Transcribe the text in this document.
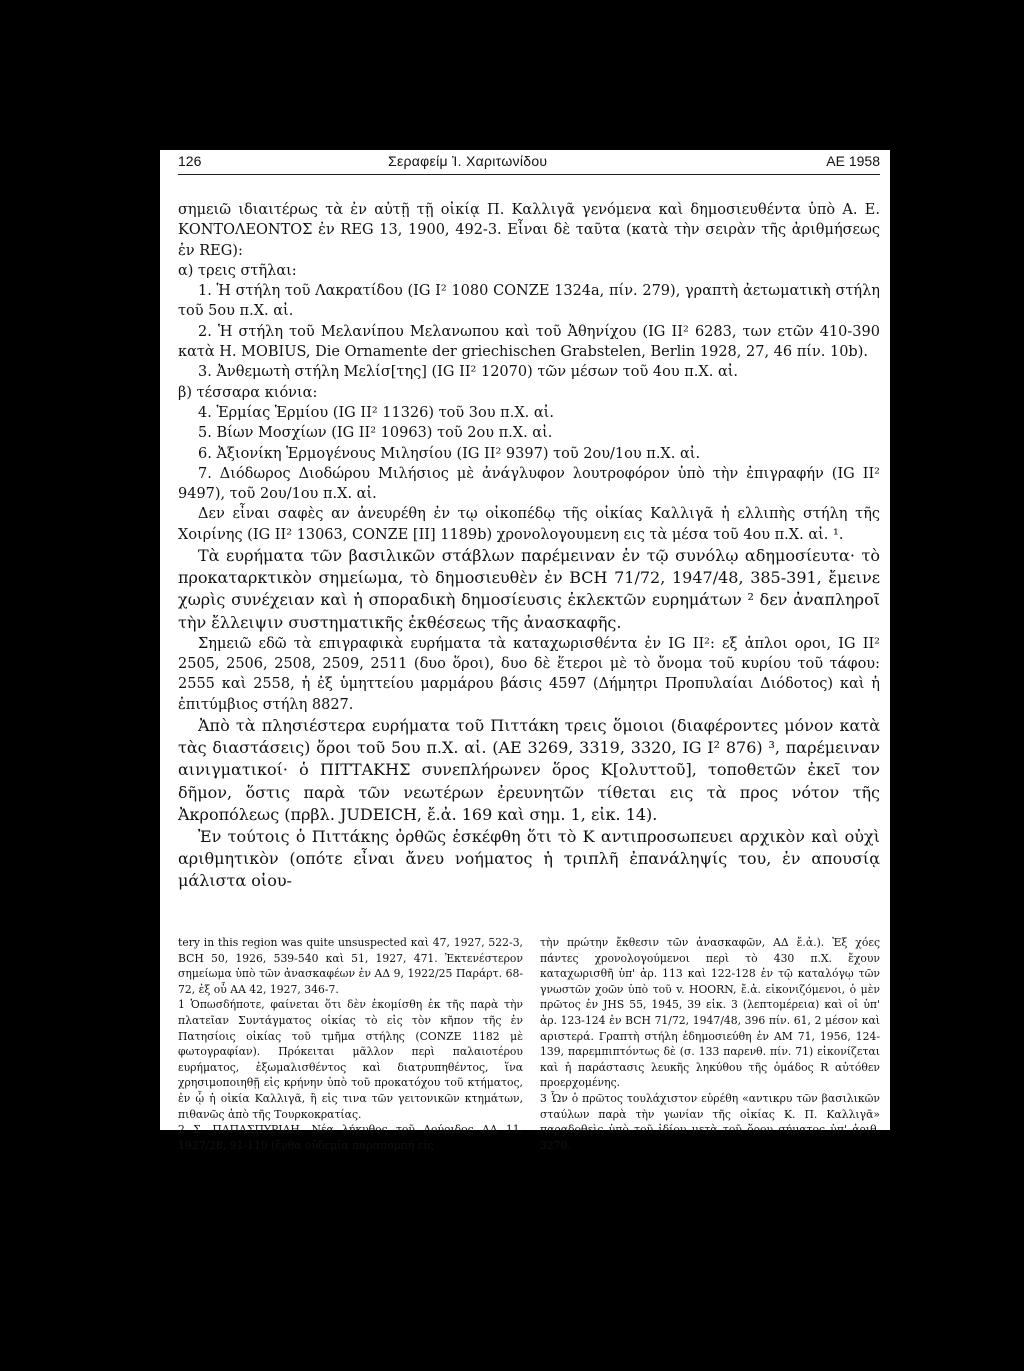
126	Σεραφείμ Ἰ. Χαριτωνίδου	ΑΕ 1958

σημειῶ ιδιαιτέρως τὰ ἐν αὐτῇ τῇ οἰκίᾳ Π. Καλλιγᾶ γενόμενα καὶ δημοσιευθέντα ὑπὸ Α. Ε. ΚΟΝΤΟΛΕΟΝΤΟΣ ἐν REG 13, 1900, 492-3. Εἶναι δὲ ταῦτα (κατὰ τὴν σειρὰν τῆς ἀριθμήσεως ἐν REG):

α) τρεις στῆλαι:

1. Ἡ στήλη τοῦ Λακρατίδου (IG I² 1080 CONZE 1324a, πίν. 279), γραπτὴ ἀετωματικὴ στήλη τοῦ 5ου π.Χ. αἰ.

2. Ἡ στήλη τοῦ Μελανίπου Μελανωπου καὶ τοῦ Ἀθηνίχου (IG II² 6283, των ετῶν 410-390 κατὰ H. MOBIUS, Die Ornamente der griechischen Grabstelen, Berlin 1928, 27, 46 πίν. 10b).

3. Ἀνθεμωτὴ στήλη Μελίσ[της] (IG II² 12070) τῶν μέσων τοῦ 4ου π.Χ. αἰ.

β) τέσσαρα κιόνια:

4. Ἑρμίας Ἑρμίου (IG II² 11326) τοῦ 3ου π.Χ. αἰ.

5. Βίων Μοσχίων (IG II² 10963) τοῦ 2ου π.Χ. αἰ.

6. Ἀξιονίκη Ἑρμογένους Μιλησίου (IG II² 9397) τοῦ 2ου/1ου π.Χ. αἰ.

7. Διόδωρος Διοδώρου Μιλήσιος μὲ ἀνάγλυφον λουτροφόρον ὑπὸ τὴν ἐπιγραφήν (IG II² 9497), τοῦ 2ου/1ου π.Χ. αἰ.

Δεν εἶναι σαφὲς αν ἀνευρέθη ἐν τῳ οἰκοπέδῳ τῆς οἰκίας Καλλιγᾶ ἡ ελλιπὴς στήλη τῆς Χοιρίνης (IG II² 13063, CONZE [II] 1189b) χρονολογουμενη εις τὰ μέσα τοῦ 4ου π.Χ. αἰ. ¹.

Τὰ ευρήματα τῶν βασιλικῶν στάβλων παρέμειναν ἐν τῷ συνόλῳ αδημοσίευτα· τὸ προκαταρκτικὸν σημείωμα, τὸ δημοσιευθὲν ἐν BCH 71/72, 1947/48, 385-391, ἔμεινε χωρὶς συνέχειαν καὶ ἡ σποραδικὴ δημοσίευσις ἐκλεκτῶν ευρημάτων ² δεν ἀναπληροῖ τὴν ἔλλειψιν συστηματικῆς ἐκθέσεως τῆς ἀνασκαφῆς.

Σημειῶ εδῶ τὰ επιγραφικὰ ευρήματα τὰ καταχωρισθέντα ἐν IG II²: εξ ἁπλοι οροι, IG II² 2505, 2506, 2508, 2509, 2511 (δυο ὅροι), δυο δὲ ἕτεροι μὲ τὸ ὄνομα τοῦ κυρίου τοῦ τάφου: 2555 καὶ 2558, ἡ ἐξ ὑμηττείου μαρμάρου βάσις 4597 (Δήμητρι Προπυλαίαι Διόδοτος) καὶ ἡ ἐπιτύμβιος στήλη 8827.

Ἀπὸ τὰ πλησιέστερα ευρήματα τοῦ Πιττάκη τρεις ὅμοιοι (διαφέροντες μόνον κατὰ τὰς διαστάσεις) ὅροι τοῦ 5ου π.Χ. αἰ. (ΑΕ 3269, 3319, 3320, IG I² 876) ³, παρέμειναν αινιγματικοί· ὁ ΠΙΤΤΑΚΗΣ συνεπλήρωνεν ὅρος Κ[ολυττοῦ], τοποθετῶν ἐκεῖ τον δῆμον, ὅστις παρὰ τῶν νεωτέρων ἐρευνητῶν τίθεται εις τὰ προς νότον τῆς Ἀκροπόλεως (πρβλ. JUDEICH, ἔ.ἀ. 169 καὶ σημ. 1, εἰκ. 14).

Ἐν τούτοις ὁ Πιττάκης ὀρθῶς ἐσκέφθη ὅτι τὸ Κ αντιπροσωπευει αρχικὸν καὶ οὐχὶ αριθμητικὸν (οπότε εἶναι ἄνευ νοήματος ἡ τριπλῆ ἐπανάληψίς του, ἐν απουσίᾳ μάλιστα οἰου-

tery in this region was quite unsuspected καὶ 47, 1927, 522-3, BCH 50, 1926, 539-540 καὶ 51, 1927, 471. Ἐκτενέστερον σημείωμα ὑπὸ τῶν ἀνασκαφέων ἐν ΑΔ 9, 1922/25 Παράρτ. 68-72, ἐξ οὗ ΑΑ 42, 1927, 346-7.

1 Ὁπωσδήποτε, φαίνεται ὅτι δὲν ἐκομίσθη ἐκ τῆς παρὰ τὴν πλατεῖαν Συντάγματος οἰκίας τὸ εἰς τὸν κῆπον τῆς ἐν Πατησίοις οἰκίας τοῦ τμῆμα στήλης (CONZE 1182 μὲ φωτογραφίαν). Πρόκειται μᾶλλον περὶ παλαιοτέρου ευρήματος, ἐξωμαλισθέντος καὶ διατρυπηθέντος, ἵνα χρησιμοποιηθῇ εἰς κρήνην ὑπὸ τοῦ προκατόχου τοῦ κτήματος, ἐν ᾧ ἡ οἰκία Καλλιγᾶ, ἢ εἰς τινα τῶν γειτονικῶν κτημάτων, πιθανῶς ἀπὸ τῆς Τουρκοκρατίας.

2 Σ. ΠΑΠΑΣΠΥΡΙΔΗ, Νέα λήκυθος τοῦ Δούριδος ΑΔ 11, 1927/28, 91-110 (ἔνθα οὐδεμία παραπομπὴ εἰς

τὴν πρώτην ἔκθεσιν τῶν ἀνασκαφῶν, ΑΔ ἔ.ἀ.). Ἐξ χόες πάντες χρονολογούμενοι περὶ τὸ 430 π.Χ. ἔχουν καταχωρισθῆ ὑπ' ἀρ. 113 καὶ 122-128 ἐν τῷ καταλόγῳ τῶν γνωστῶν χοῶν ὑπὸ τοῦ v. HOORN, ἔ.ἀ. εἰκονιζόμενοι, ὁ μὲν πρῶτος ἐν JHS 55, 1945, 39 εἰκ. 3 (λεπτομέρεια) καὶ οἱ ὑπ' ἀρ. 123-124 ἐν BCH 71/72, 1947/48, 396 πίν. 61, 2 μέσον καὶ αριστερά. Γραπτὴ στήλη ἐδημοσιεύθη ἐν AM 71, 1956, 124-139, παρεμπιπτόντως δὲ (σ. 133 παρενθ. πίν. 71) εἰκονίζεται καὶ ἡ παράστασις λευκῆς ληκύθου τῆς ὁμάδος R αὐτόθεν προερχομένης.

3 Ὧν ὁ πρῶτος τουλάχιστον εὑρέθη «αντικρυ τῶν βασιλικῶν σταύλων παρὰ τὴν γωνίαν τῆς οἰκίας Κ. Π. Καλλιγᾶ» παραδοθεὶς ὑπὸ τοῦ ἰδίου μετὰ τοῦ ὅρου σήματος ὑπ' ἀριθ. 3270.
